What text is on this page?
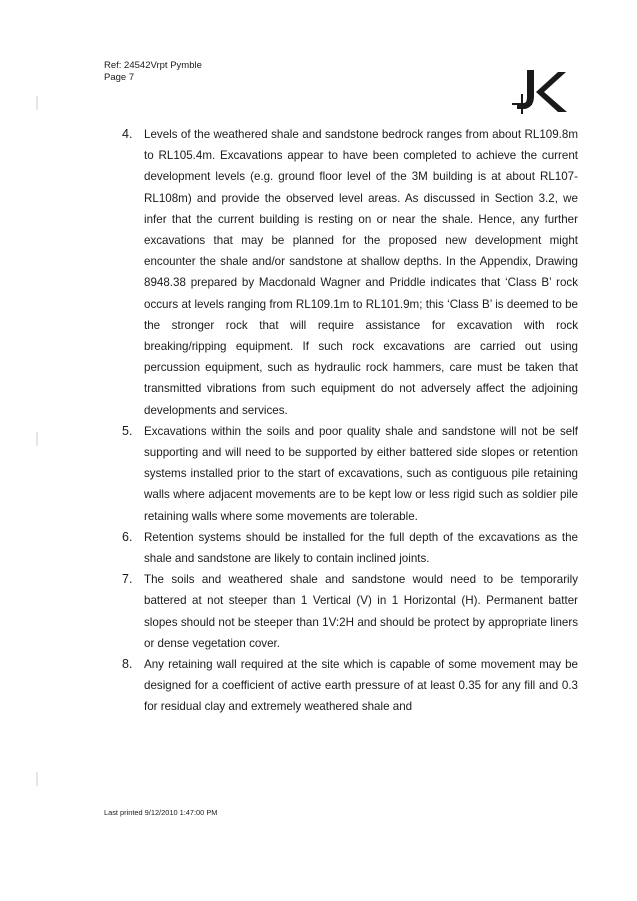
Ref: 24542Vrpt Pymble
Page 7
4. Levels of the weathered shale and sandstone bedrock ranges from about RL109.8m to RL105.4m. Excavations appear to have been completed to achieve the current development levels (e.g. ground floor level of the 3M building is at about RL107-RL108m) and provide the observed level areas. As discussed in Section 3.2, we infer that the current building is resting on or near the shale. Hence, any further excavations that may be planned for the proposed new development might encounter the shale and/or sandstone at shallow depths. In the Appendix, Drawing 8948.38 prepared by Macdonald Wagner and Priddle indicates that ‘Class B’ rock occurs at levels ranging from RL109.1m to RL101.9m; this ‘Class B’ is deemed to be the stronger rock that will require assistance for excavation with rock breaking/ripping equipment. If such rock excavations are carried out using percussion equipment, such as hydraulic rock hammers, care must be taken that transmitted vibrations from such equipment do not adversely affect the adjoining developments and services.
5. Excavations within the soils and poor quality shale and sandstone will not be self supporting and will need to be supported by either battered side slopes or retention systems installed prior to the start of excavations, such as contiguous pile retaining walls where adjacent movements are to be kept low or less rigid such as soldier pile retaining walls where some movements are tolerable.
6. Retention systems should be installed for the full depth of the excavations as the shale and sandstone are likely to contain inclined joints.
7. The soils and weathered shale and sandstone would need to be temporarily battered at not steeper than 1 Vertical (V) in 1 Horizontal (H). Permanent batter slopes should not be steeper than 1V:2H and should be protect by appropriate liners or dense vegetation cover.
8. Any retaining wall required at the site which is capable of some movement may be designed for a coefficient of active earth pressure of at least 0.35 for any fill and 0.3 for residual clay and extremely weathered shale and
Last printed 9/12/2010 1:47:00 PM
